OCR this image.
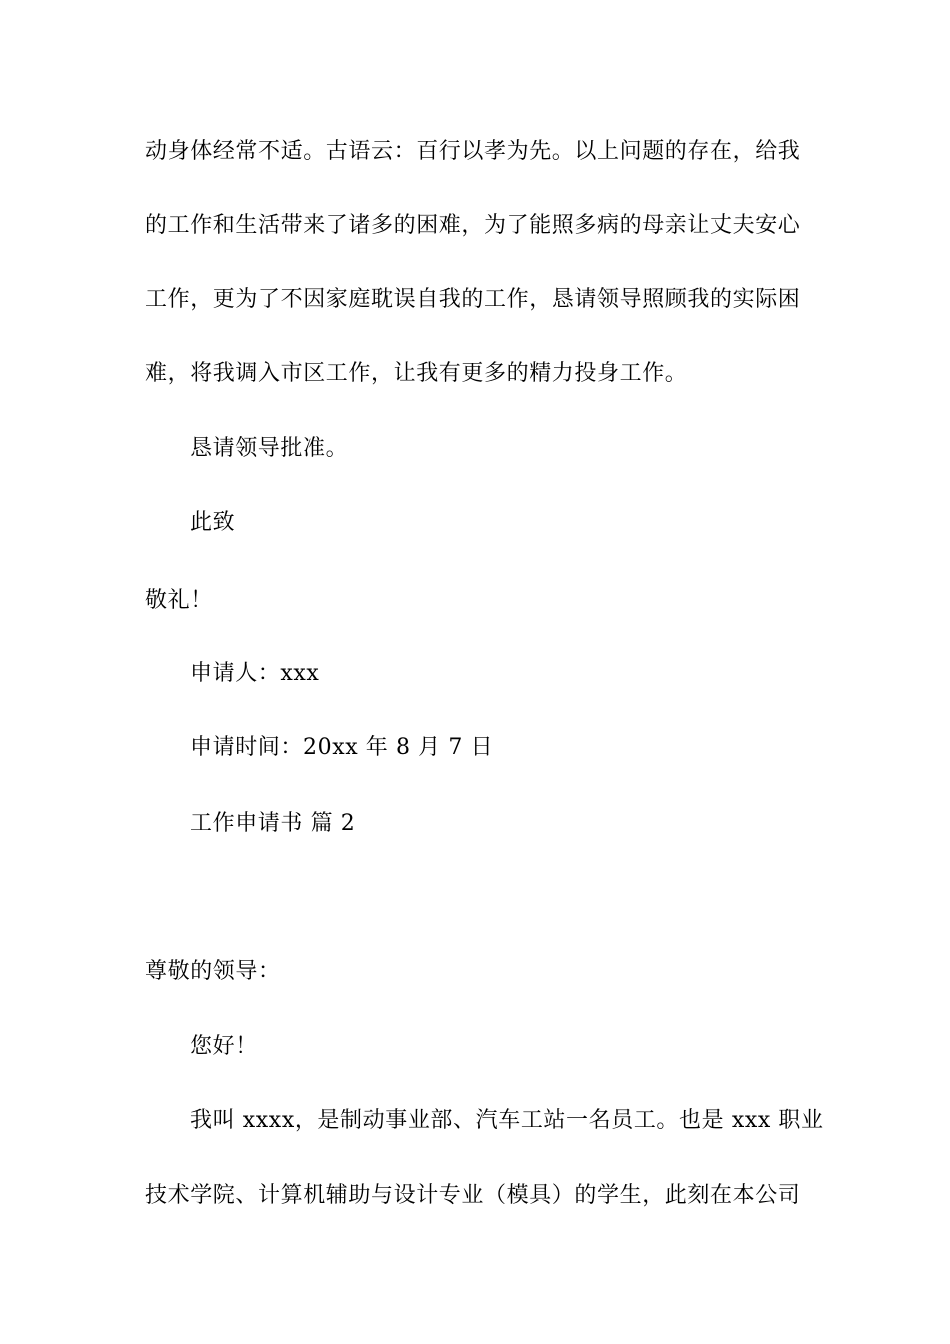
动身体经常不适。古语云：百行以孝为先。以上问题的存在，给我
的工作和生活带来了诸多的困难，为了能照多病的母亲让丈夫安心
工作，更为了不因家庭耽误自我的工作，恳请领导照顾我的实际困
难，将我调入市区工作，让我有更多的精力投身工作。
恳请领导批准。
此致
敬礼！
申请人：xxx
申请时间：20xx 年 8 月 7 日
工作申请书 篇 2
尊敬的领导：
您好！
我叫 xxxx，是制动事业部、汽车工站一名员工。也是 xxx 职业
技术学院、计算机辅助与设计专业（模具）的学生，此刻在本公司
